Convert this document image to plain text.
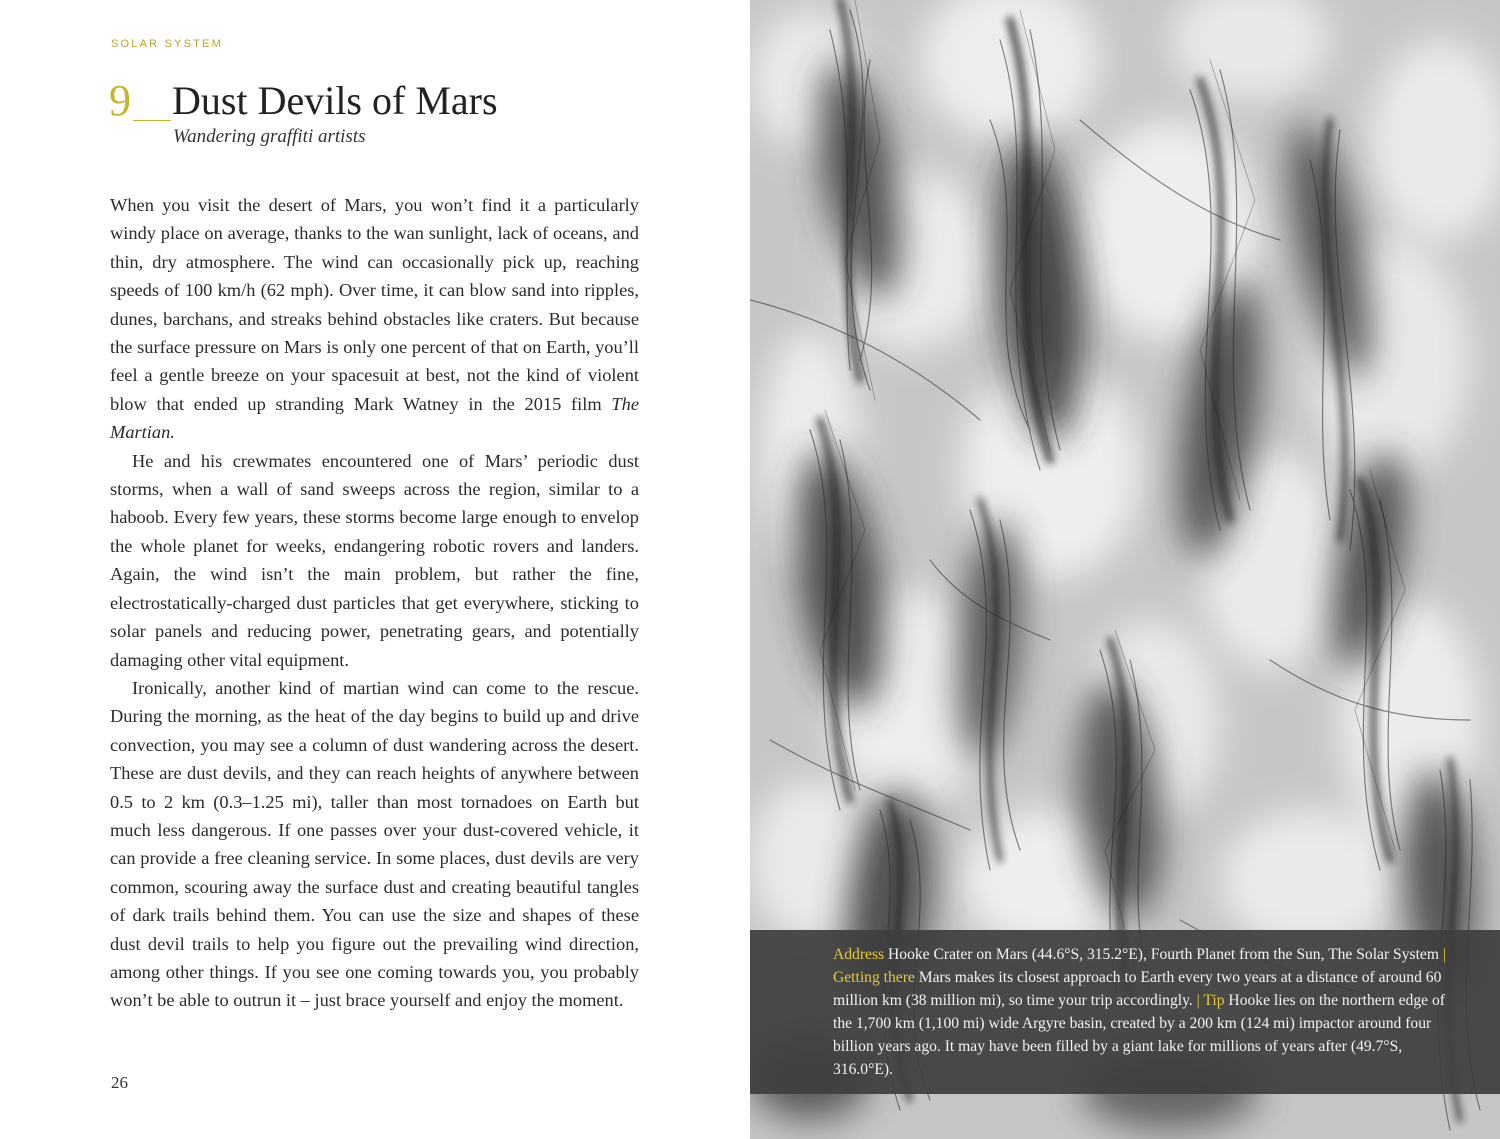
SOLAR SYSTEM
9 Dust Devils of Mars
Wandering graffiti artists

When you visit the desert of Mars, you won’t find it a particularly windy place on average, thanks to the wan sunlight, lack of oceans, and thin, dry atmosphere. The wind can occasionally pick up, reaching speeds of 100 km/h (62 mph). Over time, it can blow sand into ripples, dunes, barchans, and streaks behind obstacles like craters. But because the surface pressure on Mars is only one percent of that on Earth, you’ll feel a gentle breeze on your spacesuit at best, not the kind of violent blow that ended up stranding Mark Watney in the 2015 film The Martian.

He and his crewmates encountered one of Mars’ periodic dust storms, when a wall of sand sweeps across the region, similar to a haboob. Every few years, these storms become large enough to envelop the whole planet for weeks, endangering robotic rovers and landers. Again, the wind isn’t the main problem, but rather the fine, electrostatically-charged dust particles that get everywhere, sticking to solar panels and reducing power, penetrating gears, and potentially damaging other vital equipment.

Ironically, another kind of martian wind can come to the rescue. During the morning, as the heat of the day begins to build up and drive convection, you may see a column of dust wandering across the desert. These are dust devils, and they can reach heights of anywhere between 0.5 to 2 km (0.3–1.25 mi), taller than most tornadoes on Earth but much less dangerous. If one passes over your dust-covered vehicle, it can provide a free cleaning service. In some places, dust devils are very common, scouring away the surface dust and creating beautiful tangles of dark trails behind them. You can use the size and shapes of these dust devil trails to help you figure out the prevailing wind direction, among other things. If you see one coming towards you, you probably won’t be able to outrun it – just brace yourself and enjoy the moment.

26
Address Hooke Crater on Mars (44.6°S, 315.2°E), Fourth Planet from the Sun, The Solar System | Getting there Mars makes its closest approach to Earth every two years at a distance of around 60 million km (38 million mi), so time your trip accordingly. | Tip Hooke lies on the northern edge of the 1,700 km (1,100 mi) wide Argyre basin, created by a 200 km (124 mi) impactor around four billion years ago. It may have been filled by a giant lake for millions of years after (49.7°S, 316.0°E).
